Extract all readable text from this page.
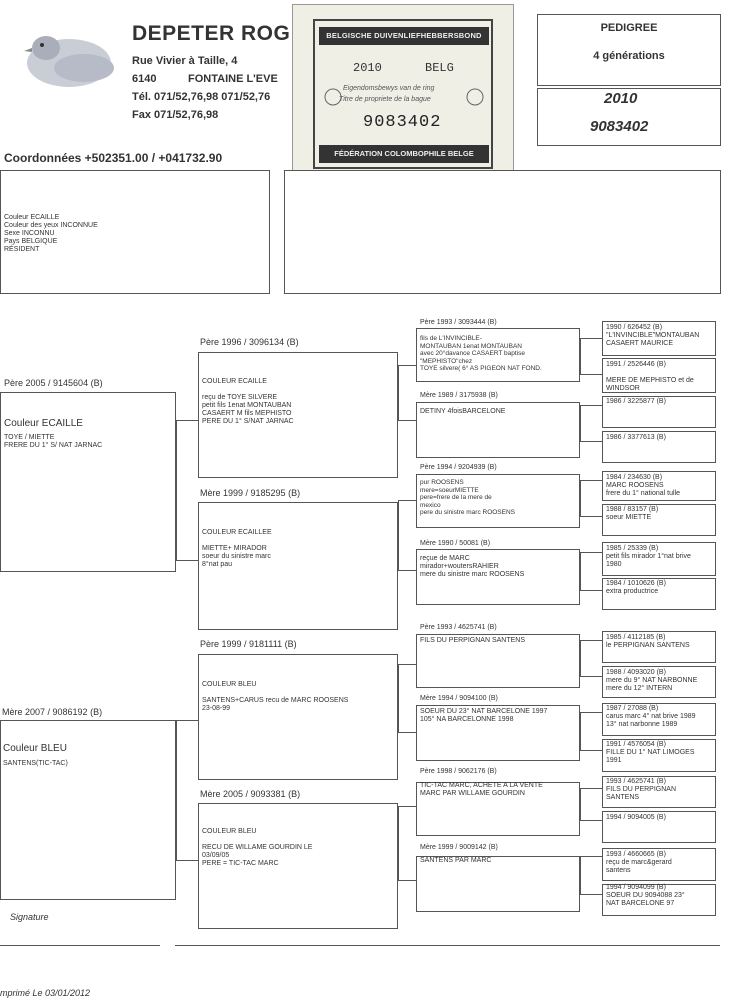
DEPETER ROG
Rue Vivier à Taille, 4
6140	FONTAINE L'EVE
Tél. 071/52,76,98 071/52,76
Fax 071/52,76,98
Coordonnées +502351.00 / +041732.90
BELGISCHE DUIVENLIEFHEBBERSBOND
2010	BELG
Eigendomsbewys van de ring
Titre de propriete de la bague
9083402
FÉDÉRATION COLOMBOPHILE BELGE
PEDIGREE
4 générations
2010
9083402
Couleur ECAILLE
Couleur des yeux INCONNUE
Sexe INCONNU
Pays BELGIQUE
RÉSIDENT
Père 2005 / 9145604 (B)
Couleur ECAILLE
TOYE / MIETTE
FRERE DU 1° S/ NAT JARNAC
Mère 2007 / 9086192 (B)
Couleur BLEU
SANTENS(TIC-TAC)
Père 1996 / 3096134 (B)
COULEUR ECAILLE

reçu de TOYE SILVERE
petit fils 1enat MONTAUBAN
CASAERT M fils MEPHISTO
PERE DU 1° S/NAT JARNAC
Mère 1999 / 9185295 (B)
COULEUR ECAILLEE

MIETTE+ MIRADOR
soeur du sinistre marc
8°nat pau
Père 1999 / 9181111 (B)
COULEUR BLEU

SANTENS+CARUS recu de MARC ROOSENS
23-08-99
Mère 2005 / 9093381 (B)
COULEUR BLEU

RECU DE WILLAME GOURDIN LE
03/09/05
PERE = TIC-TAC MARC
Père 1993 / 3093444 (B)
fils de L'INVINCIBLE-
MONTAUBAN 1enat MONTAUBAN
avec 20°davance CASAERT baptise
"MEPHISTO"chez
TOYE silvere( 6° AS PIGEON NAT FOND.
Mère 1989 / 3175938 (B)
DETINY 4foisBARCELONE
Père 1994 / 9204939 (B)
pur ROOSENS
mere=soeurMIETTE
pere=frere de la mere de
mexico
pere du sinistre marc ROOSENS
Mère 1990 / 50081 (B)
reçue de MARC
mirador+woutersRAHIER
mere du sinistre marc ROOSENS
Père 1993 / 4625741 (B)
FILS DU PERPIGNAN SANTENS
Mère 1994 / 9094100 (B)
SOEUR DU 23° NAT BARCELONE 1997
105° NA BARCELONNE 1998
Père 1998 / 9062176 (B)
TIC-TAC MARC, ACHETE A LA VENTE
MARC PAR WILLAME GOURDIN
Mère 1999 / 9009142 (B)
SANTENS PAR MARC
1990 / 626452 (B)
"L'INVINCIBLE"MONTAUBAN
CASAERT MAURICE
1991 / 2526446 (B)

MERE DE MEPHISTO et de
WINDSOR
1986 / 3225877 (B)
1986 / 3377613 (B)
1984 / 234630 (B)
MARC ROOSENS
frere du 1° national tulle
1988 / 83157 (B)
soeur MIETTE
1985 / 25339 (B)
petit fils mirador 1°nat brive
1980
1984 / 1010626 (B)
extra productrice
1985 / 4112185 (B)
le PERPIGNAN SANTENS
1988 / 4093020 (B)
mere du 9° NAT NARBONNE
mere du 12° INTERN
1987 / 27088 (B)
carus marc 4° nat brive 1989
13° nat narbonne 1989
1991 / 4576054 (B)
FILLE DU 1° NAT LIMOGES
1991
1993 / 4625741 (B)
FILS DU PERPIGNAN
SANTENS
1994 / 9094005 (B)
1993 / 4660665 (B)
reçu de marc&gerard
santens
1994 / 9094099 (B)
SOEUR DU 9094088 23°
NAT BARCELONE 97
Signature
mprimé Le 03/01/2012
